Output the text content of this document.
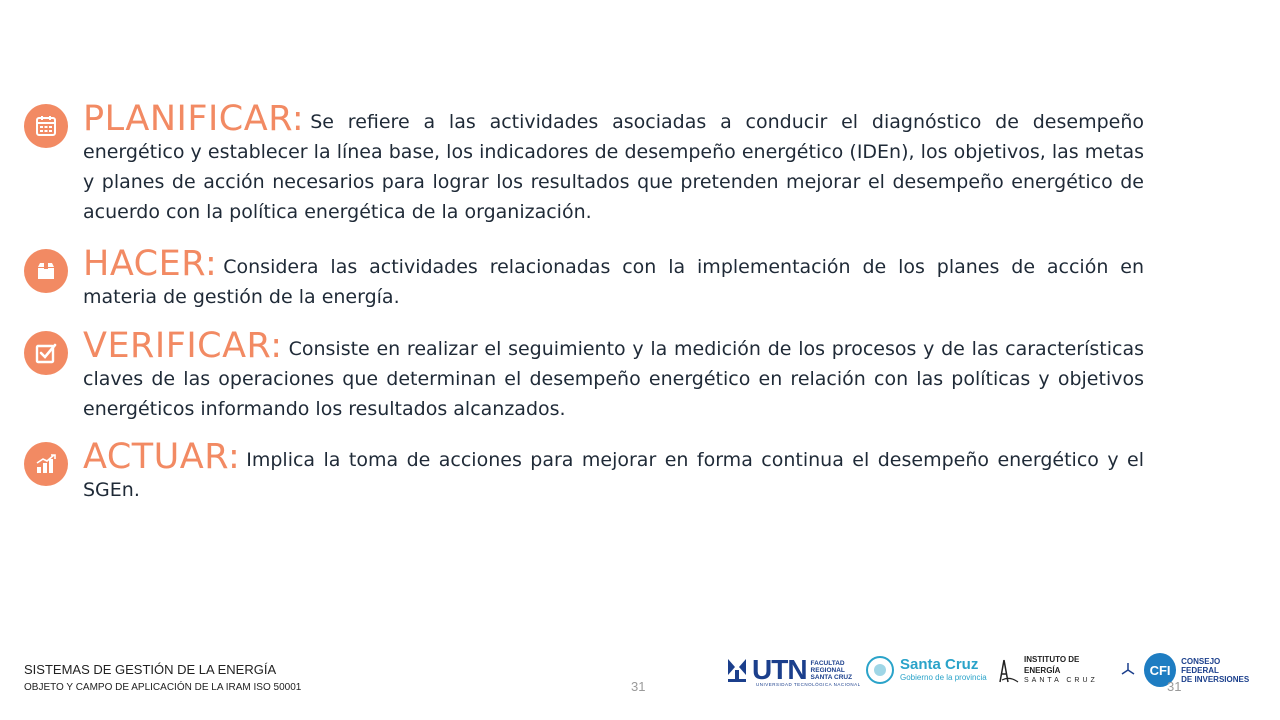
PLANIFICAR: Se refiere a las actividades asociadas a conducir el diagnóstico de desempeño energético y establecer la línea base, los indicadores de desempeño energético (IDEn), los objetivos, las metas y planes de acción necesarios para lograr los resultados que pretenden mejorar el desempeño energético de acuerdo con la política energética de la organización.
HACER: Considera las actividades relacionadas con la implementación de los planes de acción en materia de gestión de la energía.
VERIFICAR: Consiste en realizar el seguimiento y la medición de los procesos y de las características claves de las operaciones que determinan el desempeño energético en relación con las políticas y objetivos energéticos informando los resultados alcanzados.
ACTUAR: Implica la toma de acciones para mejorar en forma continua el desempeño energético y el SGEn.
SISTEMAS DE GESTIÓN DE LA ENERGÍA
OBJETO Y CAMPO DE APLICACIÓN DE LA IRAM ISO 50001	31
UTN FACULTAD
REGIONAL
SANTA CRUZ
UNIVERSIDAD TECNOLÓGICA NACIONAL
Santa Cruz
Gobierno de la provincia
INSTITUTO DE ENERGÍA
SANTA CRUZ
CFI
CONSEJO FEDERAL
DE INVERSIONES
31
